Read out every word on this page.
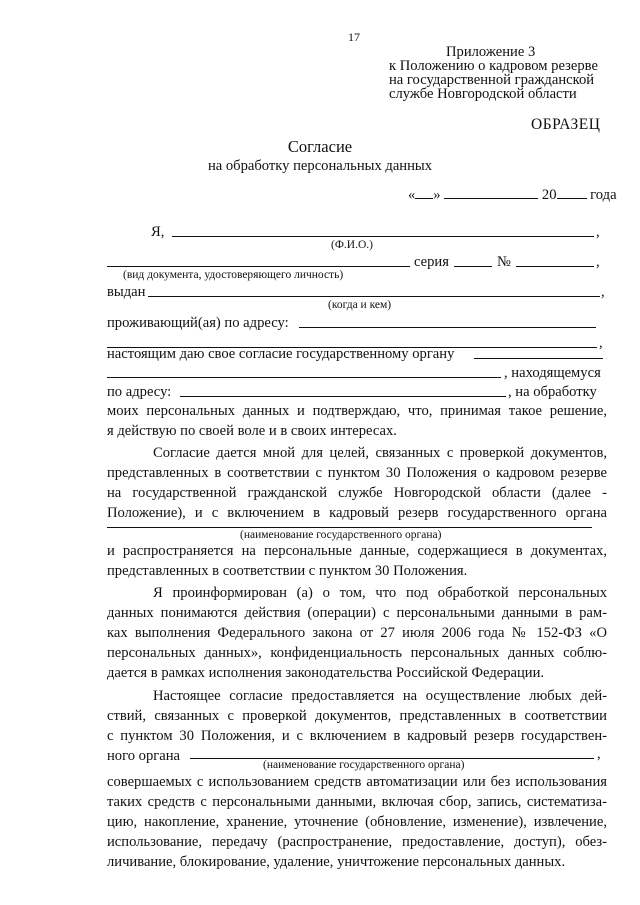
17
Приложение 3
к Положению о кадровом резерве
на государственной гражданской
службе Новгородской области
ОБРАЗЕЦ
Согласие
на обработку персональных данных
« »	20 года
Я,	,
(Ф.И.О.)
серия	№	,
(вид документа, удостоверяющего личность)
выдан	,
(когда и кем)
проживающий(ая) по адресу:
,
настоящим даю свое согласие государственному органу
, находящемуся
по адресу:	, на обработку
моих персональных данных и подтверждаю, что, принимая такое решение,
я действую по своей воле и в своих интересах.
Согласие дается мной для целей, связанных с проверкой документов,
представленных в соответствии с пунктом 30 Положения о кадровом резерве
на государственной гражданской службе Новгородской области (далее -
Положение), и с включением в кадровый резерв государственного органа
(наименование государственного органа)
и распространяется на персональные данные, содержащиеся в документах,
представленных в соответствии с пунктом 30 Положения.
Я проинформирован (а) о том, что под обработкой персональных
данных понимаются действия (операции) с персональными данными в рам-
ках выполнения Федерального закона от 27 июля 2006 года № 152-ФЗ «О
персональных данных», конфиденциальность персональных данных соблю-
дается в рамках исполнения законодательства Российской Федерации.
Настоящее согласие предоставляется на осуществление любых дей-
ствий, связанных с проверкой документов, представленных в соответствии
с пунктом 30 Положения, и с включением в кадровый резерв государствен-
ного органа	,
(наименование государственного органа)
совершаемых с использованием средств автоматизации или без использования
таких средств с персональными данными, включая сбор, запись, систематиза-
цию, накопление, хранение, уточнение (обновление, изменение), извлечение,
использование, передачу (распространение, предоставление, доступ), обез-
личивание, блокирование, удаление, уничтожение персональных данных.
